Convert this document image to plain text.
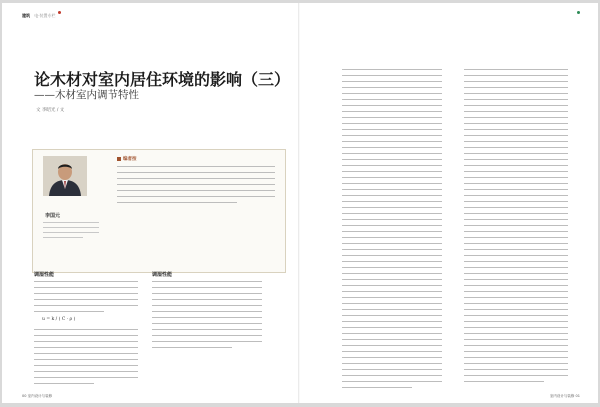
建筑 电·装置专栏
论木材对室内居住环境的影响（三）
——木材室内调节特性
文 李昭光 / 文
李国元
编者按
调湿性能
u = k / ( C · ρ )
调湿性能
00 室内设计与装修	室内设计与装修 01
